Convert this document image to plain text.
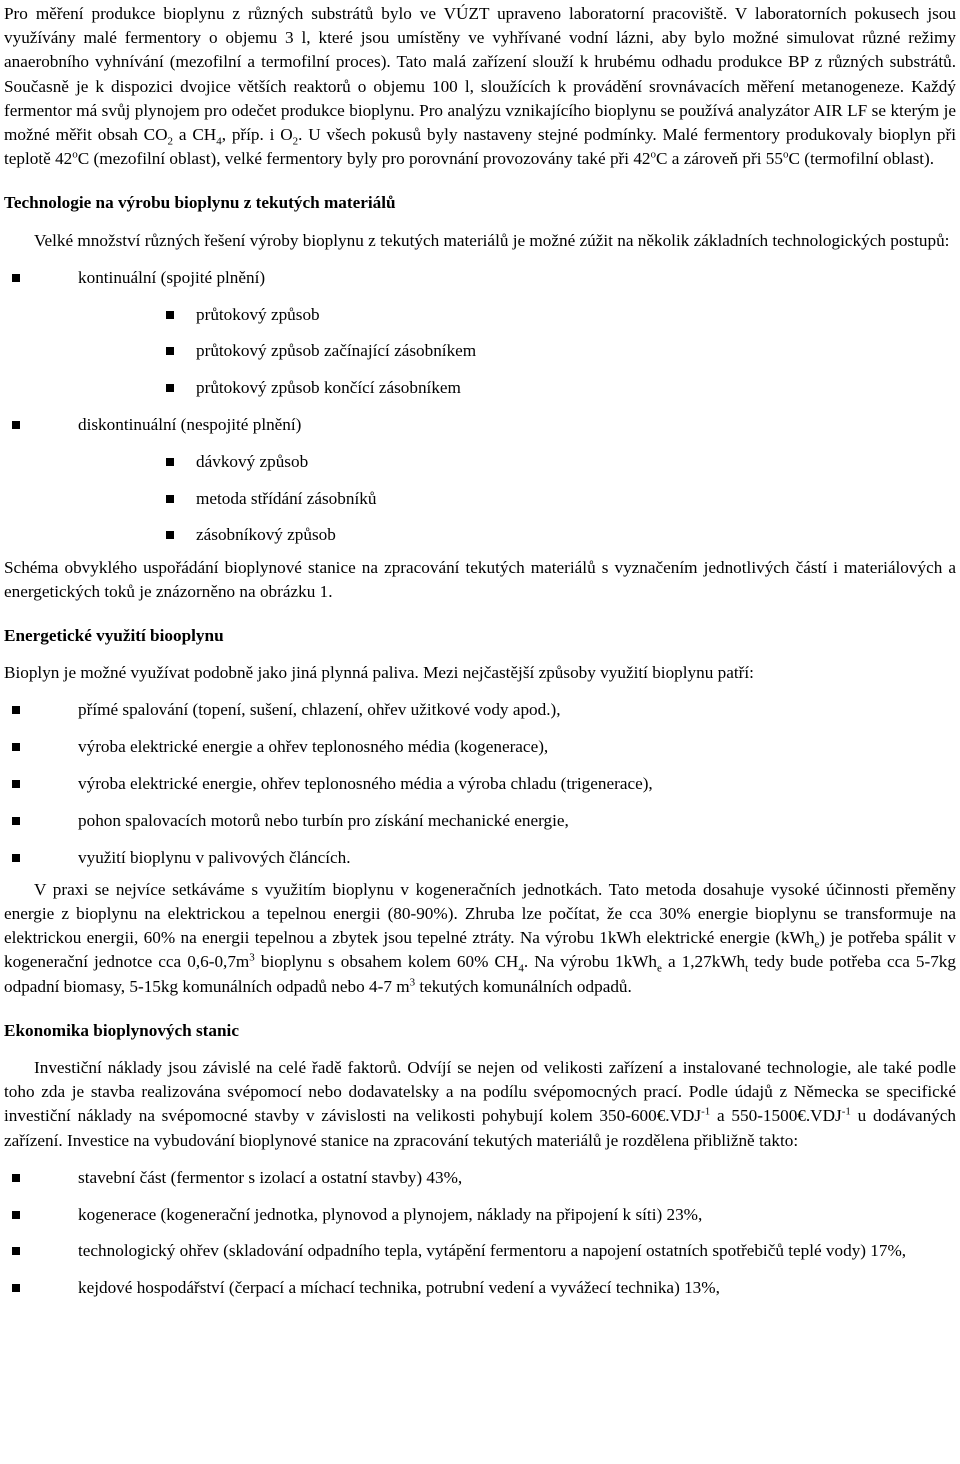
Pro měření produkce bioplynu z různých substrátů bylo ve VÚZT upraveno laboratorní pracoviště. V laboratorních pokusech jsou využívány malé fermentory o objemu 3 l, které jsou umístěny ve vyhřívané vodní lázni, aby bylo možné simulovat různé režimy anaerobního vyhnívání (mezofilní a termofilní proces). Tato malá zařízení slouží k hrubému odhadu produkce BP z různých substrátů. Současně je k dispozici dvojice větších reaktorů o objemu 100 l, sloužících k provádění srovnávacích měření metanogeneze. Každý fermentor má svůj plynojem pro odečet produkce bioplynu. Pro analýzu vznikajícího bioplynu se používá analyzátor AIR LF se kterým je možné měřit obsah $CO_2$ a $CH_4$, příp. i $O_2$. U všech pokusů byly nastaveny stejné podmínky. Malé fermentory produkovaly bioplyn při teplotě 42$^o$C (mezofilní oblast), velké fermentory byly pro porovnání provozovány také při 42$^o$C a zároveň při 55$^o$C (termofilní oblast).

Technologie na výrobu bioplynu z tekutých materiálů

Velké množství různých řešení výroby bioplynu z tekutých materiálů je možné zúžit na několik základních technologických postupů:

kontinuální (spojité plnění)
průtokový způsob
průtokový způsob začínající zásobníkem
průtokový způsob končící zásobníkem
diskontinuální (nespojité plnění)
dávkový způsob
metoda střídání zásobníků
zásobníkový způsob

Schéma obvyklého uspořádání bioplynové stanice na zpracování tekutých materiálů s vyznačením jednotlivých částí i materiálových a energetických toků je znázorněno na obrázku 1.

Energetické využití biooplynu

Bioplyn je možné využívat podobně jako jiná plynná paliva. Mezi nejčastější způsoby využití bioplynu patří:

přímé spalování (topení, sušení, chlazení, ohřev užitkové vody apod.),
výroba elektrické energie a ohřev teplonosného média (kogenerace),
výroba elektrické energie, ohřev teplonosného média a výroba chladu (trigenerace),
pohon spalovacích motorů nebo turbín pro získání mechanické energie,
využití bioplynu v palivových článcích.

V praxi se nejvíce setkáváme s využitím bioplynu v kogeneračních jednotkách. Tato metoda dosahuje vysoké účinnosti přeměny energie z bioplynu na elektrickou a tepelnou energii (80-90%). Zhruba lze počítat, že cca 30% energie bioplynu se transformuje na elektrickou energii, 60% na energii tepelnou a zbytek jsou tepelné ztráty. Na výrobu 1kWh elektrické energie (kWh$_e$) je potřeba spálit v kogenerační jednotce cca $0,6-0,7m^3$ bioplynu s obsahem kolem 60% $CH_4$. Na výrobu 1kWh$_e$ a 1,27kWh$_t$ tedy bude potřeba cca 5-7kg odpadní biomasy, 5-15kg komunálních odpadů nebo 4-7 $m^3$ tekutých komunálních odpadů.

Ekonomika bioplynových stanic

Investiční náklady jsou závislé na celé řadě faktorů. Odvíjí se nejen od velikosti zařízení a instalované technologie, ale také podle toho zda je stavba realizována svépomocí nebo dodavatelsky a na podílu svépomocných prací. Podle údajů z Německa se specifické investiční náklady na svépomocné stavby v závislosti na velikosti pohybují kolem $350-600€.VDJ^{-1}$ a $550-1500€.VDJ^{-1}$ u dodávaných zařízení. Investice na vybudování bioplynové stanice na zpracování tekutých materiálů je rozdělena přibližně takto:

stavební část (fermentor s izolací a ostatní stavby) 43%,
kogenerace (kogenerační jednotka, plynovod a plynojem, náklady na připojení k síti) 23%,
technologický ohřev (skladování odpadního tepla, vytápění fermentoru a napojení ostatních spotřebičů teplé vody) 17%,
kejdové hospodářství (čerpací a míchací technika, potrubní vedení a vyvážecí technika) 13%,
